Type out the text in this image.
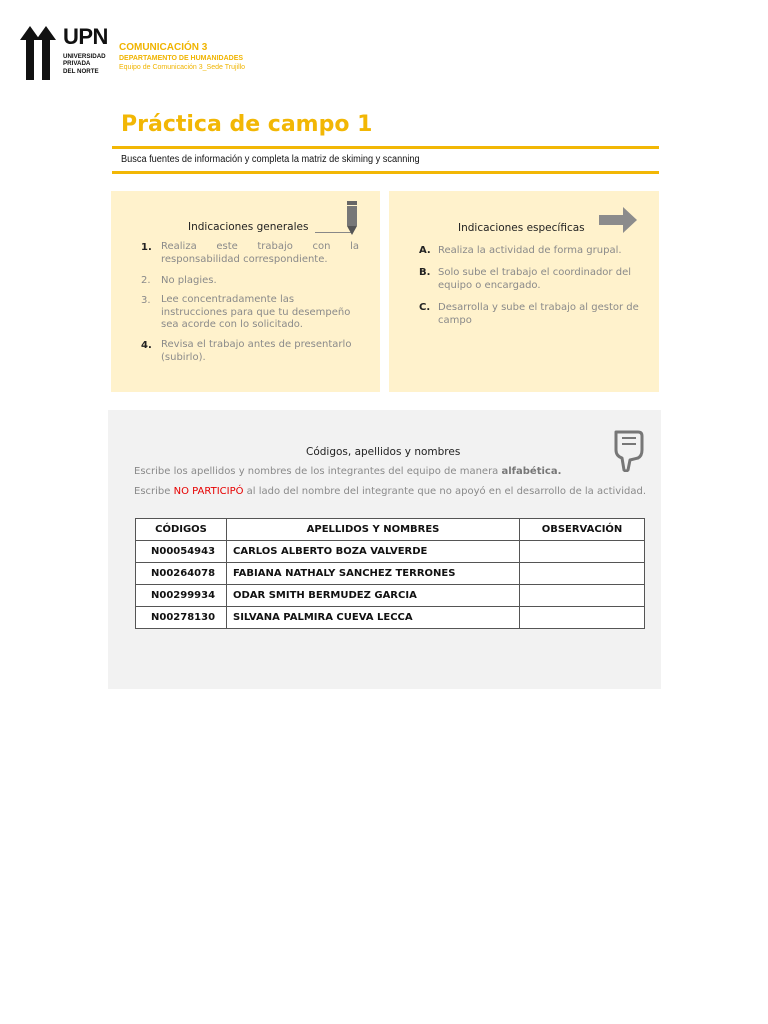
UPN
UNIVERSIDAD
PRIVADA
DEL NORTE
COMUNICACIÓN 3
DEPARTAMENTO DE HUMANIDADES
Equipo de Comunicación 3_Sede Trujillo
Práctica de campo 1
Busca fuentes de información y completa la matriz de skiming y scanning
Indicaciones generales
1. Realiza este trabajo con la responsabilidad correspondiente.
2. No plagies.
3. Lee concentradamente las instrucciones para que tu desempeño sea acorde con lo solicitado.
4. Revisa el trabajo antes de presentarlo (subirlo).
Indicaciones específicas
A. Realiza la actividad de forma grupal.
B. Solo sube el trabajo el coordinador del equipo o encargado.
C. Desarrolla y sube el trabajo al gestor de campo
Códigos, apellidos y nombres
Escribe los apellidos y nombres de los integrantes del equipo de manera alfabética.
Escribe NO PARTICIPÓ al lado del nombre del integrante que no apoyó en el desarrollo de la actividad.
CÓDIGOS	APELLIDOS Y NOMBRES	OBSERVACIÓN
N00054943	CARLOS ALBERTO BOZA VALVERDE	
N00264078	FABIANA NATHALY SANCHEZ TERRONES	
N00299934	ODAR SMITH BERMUDEZ GARCIA	
N00278130	SILVANA PALMIRA CUEVA LECCA	
